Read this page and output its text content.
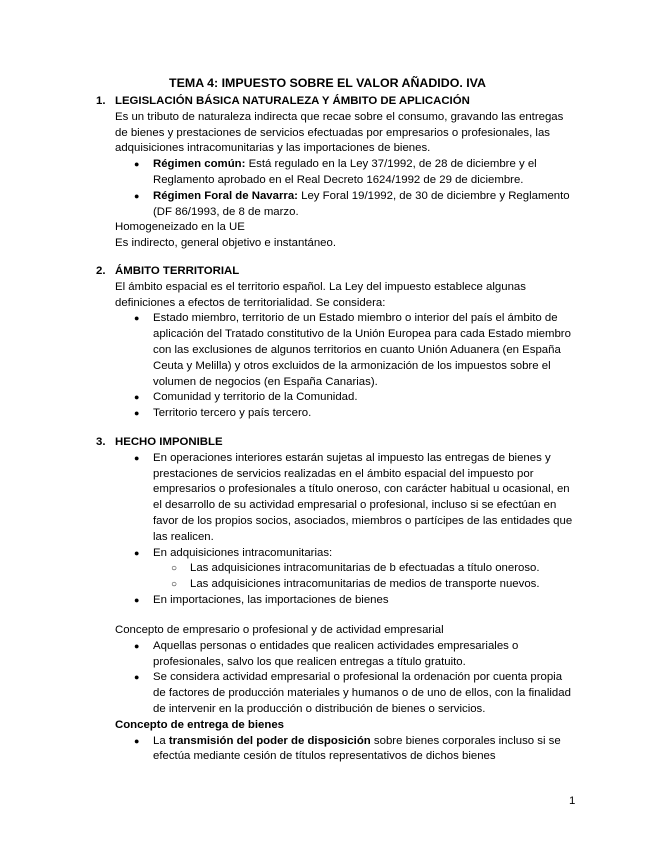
TEMA 4: IMPUESTO SOBRE EL VALOR AÑADIDO. IVA
1. LEGISLACIÓN BÁSICA NATURALEZA Y ÁMBITO DE APLICACIÓN
Es un tributo de naturaleza indirecta que recae sobre el consumo, gravando las entregas de bienes y prestaciones de servicios efectuadas por empresarios o profesionales, las adquisiciones intracomunitarias y las importaciones de bienes.
● Régimen común: Está regulado en la Ley 37/1992, de 28 de diciembre y el Reglamento aprobado en el Real Decreto 1624/1992 de 29 de diciembre.
● Régimen Foral de Navarra: Ley Foral 19/1992, de 30 de diciembre y Reglamento (DF 86/1993, de 8 de marzo.
Homogeneizado en la UE
Es indirecto, general objetivo e instantáneo.
2. ÁMBITO TERRITORIAL
El ámbito espacial es el territorio español. La Ley del impuesto establece algunas definiciones a efectos de territorialidad. Se considera:
● Estado miembro, territorio de un Estado miembro o interior del país el ámbito de aplicación del Tratado constitutivo de la Unión Europea para cada Estado miembro con las exclusiones de algunos territorios en cuanto Unión Aduanera (en España Ceuta y Melilla) y otros excluidos de la armonización de los impuestos sobre el volumen de negocios (en España Canarias).
● Comunidad y territorio de la Comunidad.
● Territorio tercero y país tercero.
3. HECHO IMPONIBLE
● En operaciones interiores estarán sujetas al impuesto las entregas de bienes y prestaciones de servicios realizadas en el ámbito espacial del impuesto por empresarios o profesionales a título oneroso, con carácter habitual u ocasional, en el desarrollo de su actividad empresarial o profesional, incluso si se efectúan en favor de los propios socios, asociados, miembros o partícipes de las entidades que las realicen.
● En adquisiciones intracomunitarias:
○ Las adquisiciones intracomunitarias de b efectuadas a título oneroso.
○ Las adquisiciones intracomunitarias de medios de transporte nuevos.
● En importaciones, las importaciones de bienes
Concepto de empresario o profesional y de actividad empresarial
● Aquellas personas o entidades que realicen actividades empresariales o profesionales, salvo los que realicen entregas a título gratuito.
● Se considera actividad empresarial o profesional la ordenación por cuenta propia de factores de producción materiales y humanos o de uno de ellos, con la finalidad de intervenir en la producción o distribución de bienes o servicios.
Concepto de entrega de bienes
● La transmisión del poder de disposición sobre bienes corporales incluso si se efectúa mediante cesión de títulos representativos de dichos bienes
1
